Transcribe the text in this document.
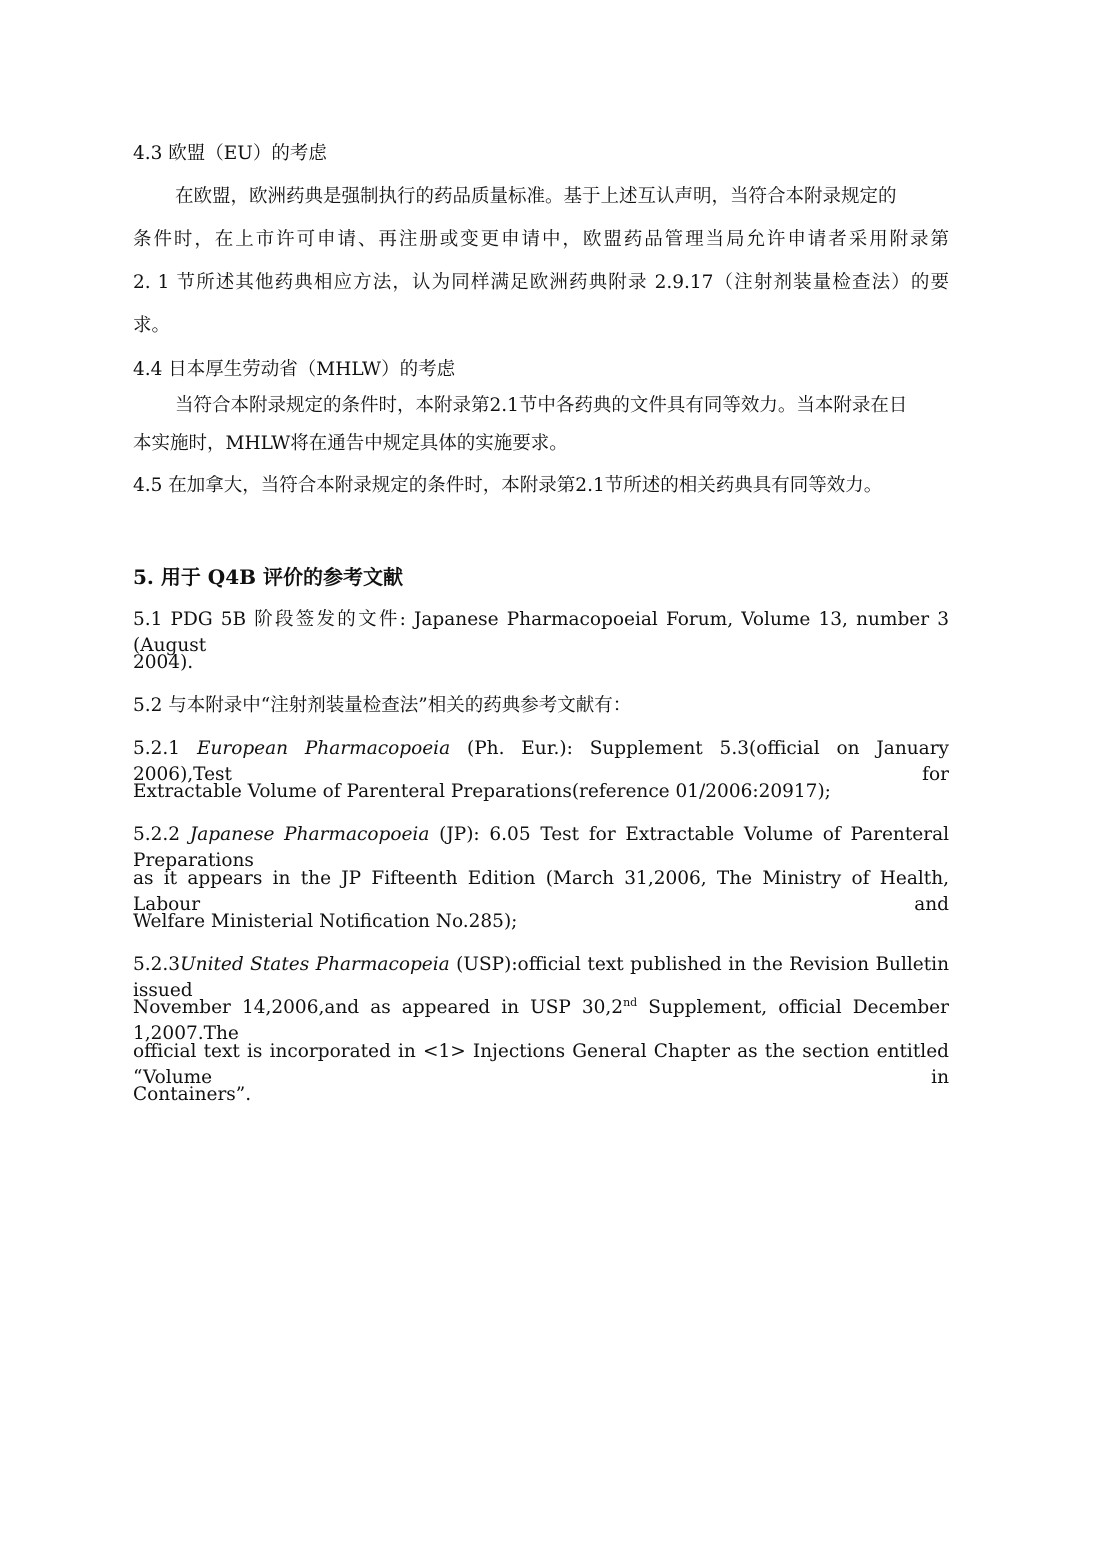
4.3 欧盟（EU）的考虑
在欧盟，欧洲药典是强制执行的药品质量标准。基于上述互认声明，当符合本附录规定的
条件时，在上市许可申请、再注册或变更申请中，欧盟药品管理当局允许申请者采用附录第
2. 1 节所述其他药典相应方法，认为同样满足欧洲药典附录 2.9.17（注射剂装量检查法）的要
求。
4.4 日本厚生劳动省（MHLW）的考虑
当符合本附录规定的条件时，本附录第2.1节中各药典的文件具有同等效力。当本附录在日
本实施时，MHLW将在通告中规定具体的实施要求。
4.5 在加拿大，当符合本附录规定的条件时，本附录第2.1节所述的相关药典具有同等效力。
5. 用于 Q4B 评价的参考文献
5.1 PDG 5B 阶段签发的文件: Japanese Pharmacopoeial Forum, Volume 13, number 3 (August
2004).
5.2 与本附录中“注射剂装量检查法”相关的药典参考文献有：
5.2.1 European Pharmacopoeia (Ph. Eur.): Supplement 5.3(official on January 2006),Test for
Extractable Volume of Parenteral Preparations(reference 01/2006:20917);
5.2.2 Japanese Pharmacopoeia (JP): 6.05 Test for Extractable Volume of Parenteral Preparations
as it appears in the JP Fifteenth Edition (March 31,2006, The Ministry of Health, Labour and
Welfare Ministerial Notification No.285);
5.2.3United States Pharmacopeia (USP):official text published in the Revision Bulletin issued
November 14,2006,and as appeared in USP 30,2nd Supplement, official December 1,2007.The
official text is incorporated in <1> Injections General Chapter as the section entitled “Volume in
Containers”.
